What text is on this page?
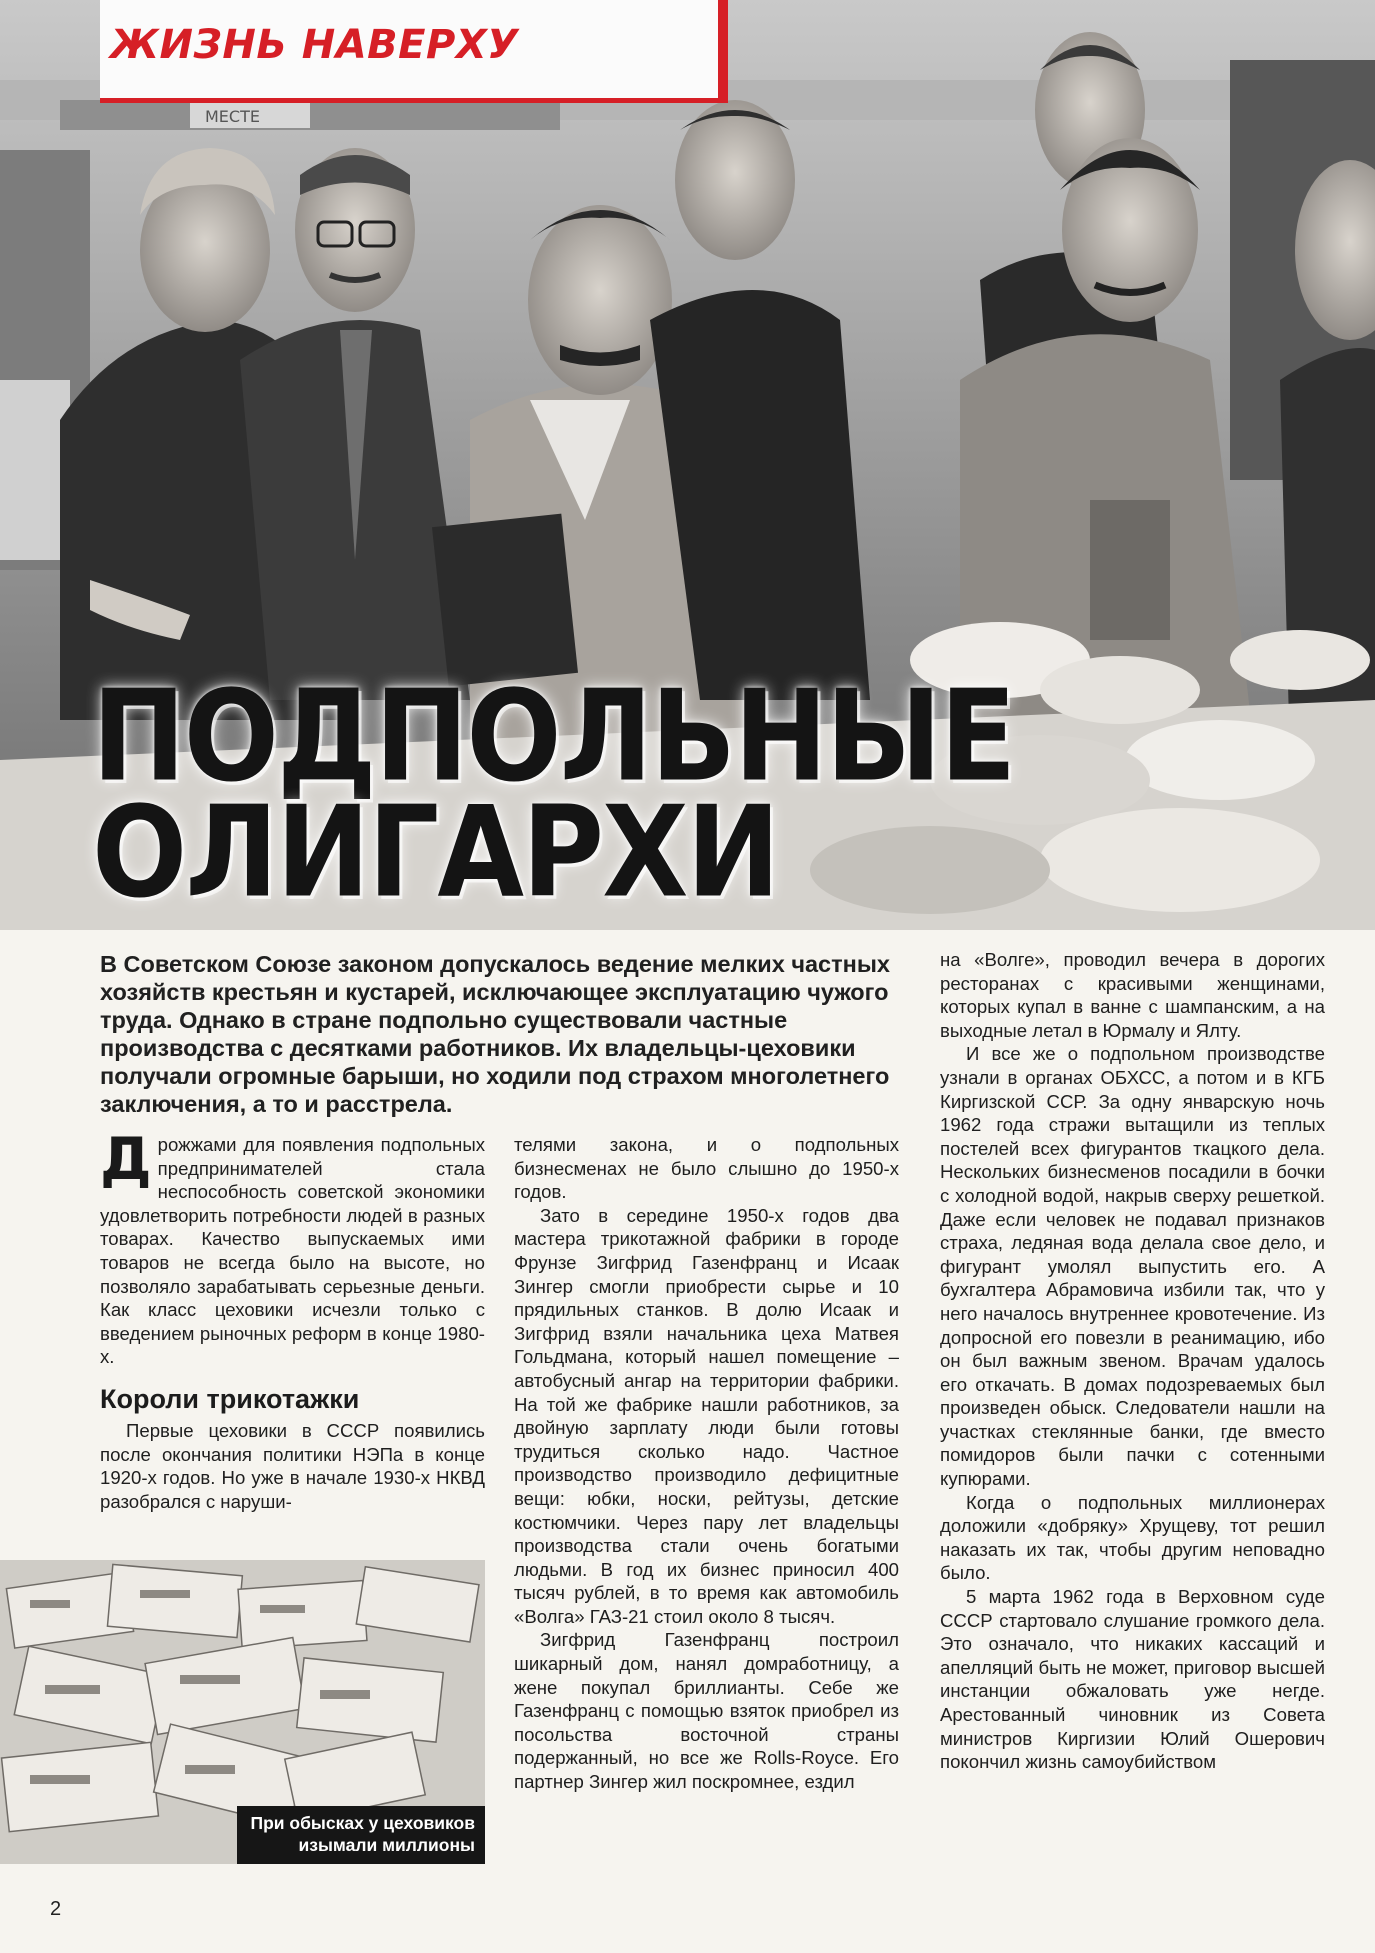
МЕСТЕ
ЖИЗНЬ НАВЕРХУ
ПОДПОЛЬНЫЕ
ОЛИГАРХИ
В Советском Союзе законом допускалось ведение мелких частных хозяйств крестьян и кустарей, исключающее эксплуатацию чужого труда. Однако в стране подпольно существовали частные производства с десятками работников. Их владельцы-цеховики получали огромные барыши, но ходили под страхом многолетнего заключения, а то и расстрела.

Дрожжами для появления подпольных предпринимателей стала неспособность советской экономики удовлетворить потребности людей в разных товарах. Качество выпускаемых ими товаров не всегда было на высоте, но позволяло зарабатывать серьезные деньги. Как класс цеховики исчезли только с введением рыночных реформ в конце 1980-х.

Короли трикотажки

Первые цеховики в СССР появились после окончания политики НЭПа в конце 1920-х годов. Но уже в начале 1930-х НКВД разобрался с наруши-

При обысках у цеховиков
изымали миллионы

телями закона, и о подпольных бизнесменах не было слышно до 1950-х годов.

Зато в середине 1950-х годов два мастера трикотажной фабрики в городе Фрунзе Зигфрид Газенфранц и Исаак Зингер смогли приобрести сырье и 10 прядильных станков. В долю Исаак и Зигфрид взяли начальника цеха Матвея Гольдмана, который нашел помещение – автобусный ангар на территории фабрики. На той же фабрике нашли работников, за двойную зарплату люди были готовы трудиться сколько надо. Частное производство производило дефицитные вещи: юбки, носки, рейтузы, детские костюмчики. Через пару лет владельцы производства стали очень богатыми людьми. В год их бизнес приносил 400 тысяч рублей, в то время как автомобиль «Волга» ГАЗ-21 стоил около 8 тысяч.

Зигфрид Газенфранц построил шикарный дом, нанял домработницу, а жене покупал бриллианты. Себе же Газенфранц с помощью взяток приобрел из посольства восточной страны подержанный, но все же Rolls-Royce. Его партнер Зингер жил поскромнее, ездил

на «Волге», проводил вечера в дорогих ресторанах с красивыми женщинами, которых купал в ванне с шампанским, а на выходные летал в Юрмалу и Ялту.

И все же о подпольном производстве узнали в органах ОБХСС, а потом и в КГБ Киргизской ССР. За одну январскую ночь 1962 года стражи вытащили из теплых постелей всех фигурантов ткацкого дела. Нескольких бизнесменов посадили в бочки с холодной водой, накрыв сверху решеткой. Даже если человек не подавал признаков страха, ледяная вода делала свое дело, и фигурант умолял выпустить его. А бухгалтера Абрамовича избили так, что у него началось внутреннее кровотечение. Из допросной его повезли в реанимацию, ибо он был важным звеном. Врачам удалось его откачать. В домах подозреваемых был произведен обыск. Следователи нашли на участках стеклянные банки, где вместо помидоров были пачки с сотенными купюрами.

Когда о подпольных миллионерах доложили «добряку» Хрущеву, тот решил наказать их так, чтобы другим неповадно было.

5 марта 1962 года в Верховном суде СССР стартовало слушание громкого дела. Это означало, что никаких кассаций и апелляций быть не может, приговор высшей инстанции обжаловать уже негде. Арестованный чиновник из Совета министров Киргизии Юлий Ошерович покончил жизнь самоубийством

2
